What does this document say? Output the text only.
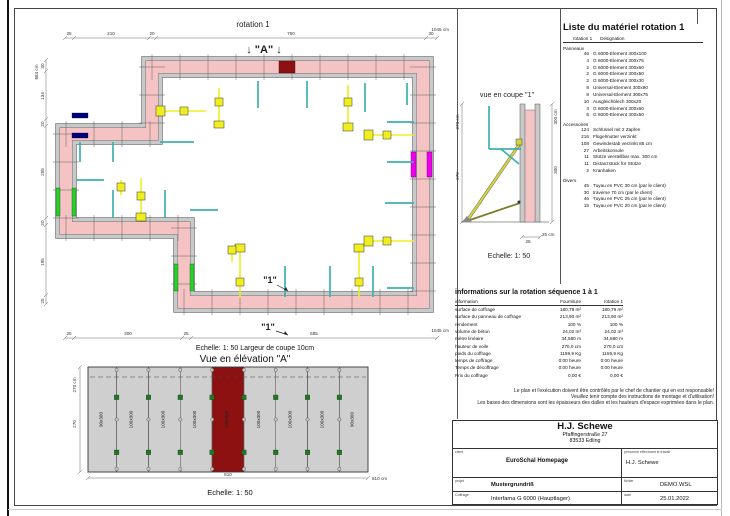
rotation 1
25	210	20	750	30
1045 cm
684 cm 30
134
20
255
20
195
25
25	300	25	685
1045 cm
↓ "A" ↓
"1"
"1"
vue en coupe "1"
300 cm
300
270 cm
270
25
25 cm
Echelle: 1: 50
Echelle: 1: 50 Largeur de coupe 10cm
Vue en élévation "A"
90x300	100x300	100x300	100x300	100x300	100x300	100x300	100x300	90x300
270 cm
270
810
810 cm
Echelle: 1: 50
Liste du matériel rotation 1
rotation 1 Désignation
Panneaux
46 G 6000-Element 300x100
4 G 6000-Element 300x75
2 G 6000-Element 300x60
2 G 6000-Element 300x50
2 G 6000-Element 300x30
8 Universal-Element 300x90
8 Universal-Element 300x75
10 Ausgleichblech 300x20
3 G 6000-Element 300x60
5 G 6000-Element 300x50
Accessoires
124 Schlüssel mit 2 Zapfen
216 Flügelmutter verzinkt
108 Gewindestab verzinkt 85 cm
27 Arbeitskonsole
11 Stütze verstellbar max. 300 cm
11 Distanzstück für Stütze
2 Kranhaken
Divers
45 Tuyau en PVC 30 cm (par le client)
30 traverse 70 cm (par le client)
46 Tuyau en PVC 25 cm (par le client)
15 Tuyau en PVC 20 cm (par le client)
informations sur la rotation séquence 1 à 1
information	Fourniture	rotation 1
surface de coffrage	180,79 m²	180,79 m²
surface du panneau de coffrage	213,90 m²	213,90 m²
rendement	100 %	100 %
volume de béton	24,02 m³	24,02 m³
mètre linéaire	34,580 m	34,580 m
hauteur de voile	270,0 cm	270,0 cm
poids du coffrage	1159,9 Kg	1159,9 Kg
temps de coffrage	0:00 heure	0:00 heure
Temps de décoffrage	0:00 heure	0:00 heure
Prix du coffrage	0,00 €	0,00 €
Le plan et l'exécution doivent être contrôlés par le chef de chantier qui en est responsable!
Veuillez tenir compte des instructions de montage et d'utilisation!
Les bases des dimensions sont les épaisseurs des dalles et les hauteurs d'espace exprimées dans le plan.
H.J. Schewe
Pfaffingerstraße 27
83533 Edling
client
EuroSchal Homepage
personne effectuant le travail
H.J. Schewe
projet
Mustergrundriß
fichier
DEMO.WSL
Coffrage
Interfama G 6000 (Hauptlager)
date
25.01.2022
